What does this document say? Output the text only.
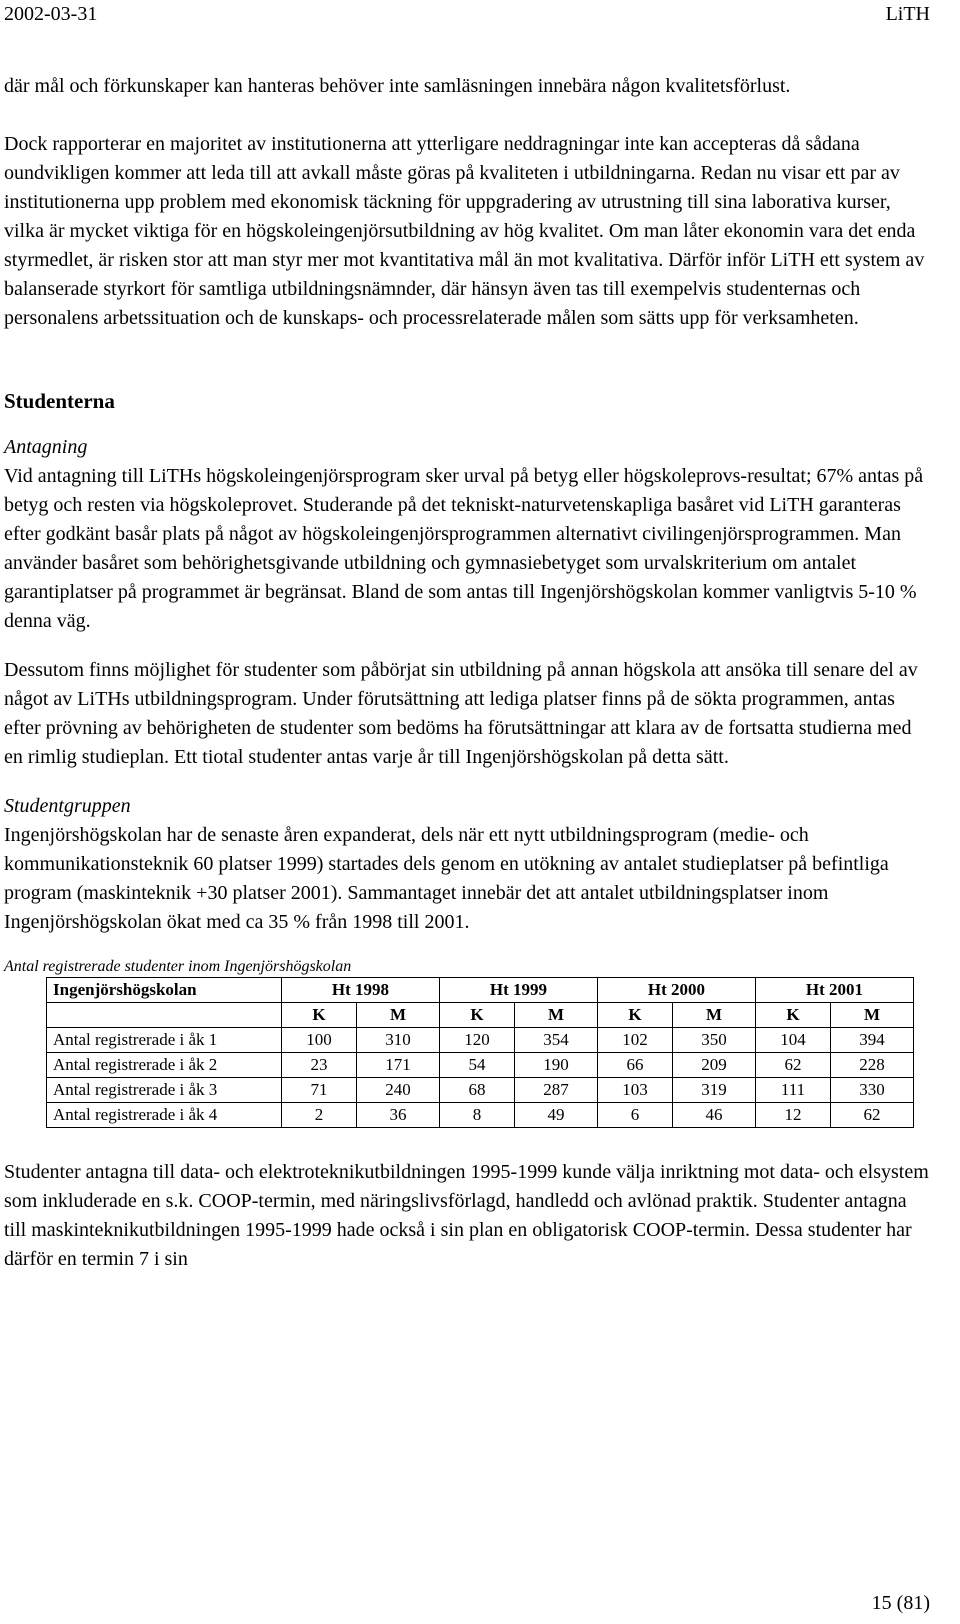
2002-03-31	LiTH

där mål och förkunskaper kan hanteras behöver inte samläsningen innebära någon kvalitetsförlust.

Dock rapporterar en majoritet av institutionerna att ytterligare neddragningar inte kan accepteras då sådana oundvikligen kommer att leda till att avkall måste göras på kvaliteten i utbildningarna. Redan nu visar ett par av institutionerna upp problem med ekonomisk täckning för uppgradering av utrustning till sina laborativa kurser, vilka är mycket viktiga för en högskoleingenjörsutbildning av hög kvalitet. Om man låter ekonomin vara det enda styrmedlet, är risken stor att man styr mer mot kvantitativa mål än mot kvalitativa. Därför inför LiTH ett system av balanserade styrkort för samtliga utbildningsnämnder, där hänsyn även tas till exempelvis studenternas och personalens arbetssituation och de kunskaps- och processrelaterade målen som sätts upp för verksamheten.

Studenterna

Antagning

Vid antagning till LiTHs högskoleingenjörsprogram sker urval på betyg eller högskoleprovs-resultat; 67% antas på betyg och resten via högskoleprovet. Studerande på det tekniskt-naturvetenskapliga basåret vid LiTH garanteras efter godkänt basår plats på något av högskoleingenjörsprogrammen alternativt civilingenjörsprogrammen. Man använder basåret som behörighetsgivande utbildning och gymnasiebetyget som urvalskriterium om antalet garantiplatser på programmet är begränsat. Bland de som antas till Ingenjörshögskolan kommer vanligtvis 5-10 % denna väg.

Dessutom finns möjlighet för studenter som påbörjat sin utbildning på annan högskola att ansöka till senare del av något av LiTHs utbildningsprogram. Under förutsättning att lediga platser finns på de sökta programmen, antas efter prövning av behörigheten de studenter som bedöms ha förutsättningar att klara av de fortsatta studierna med en rimlig studieplan. Ett tiotal studenter antas varje år till Ingenjörshögskolan på detta sätt.

Studentgruppen

Ingenjörshögskolan har de senaste åren expanderat, dels när ett nytt utbildningsprogram (medie- och kommunikationsteknik 60 platser 1999) startades dels genom en utökning av antalet studieplatser på befintliga program (maskinteknik +30 platser 2001). Sammantaget innebär det att antalet utbildningsplatser inom Ingenjörshögskolan ökat med ca 35 % från 1998 till 2001.

Antal registrerade studenter inom Ingenjörshögskolan

Ingenjörshögskolan	Ht 1998		Ht 1999		Ht 2000		Ht 2001	
	K	M	K	M	K	M	K	M
Antal registrerade i åk 1	100	310	120	354	102	350	104	394
Antal registrerade i åk 2	23	171	54	190	66	209	62	228
Antal registrerade i åk 3	71	240	68	287	103	319	111	330
Antal registrerade i åk 4	2	36	8	49	6	46	12	62

Studenter antagna till data- och elektroteknikutbildningen 1995-1999 kunde välja inriktning mot data- och elsystem som inkluderade en s.k. COOP-termin, med näringslivsförlagd, handledd och avlönad praktik. Studenter antagna till maskinteknikutbildningen 1995-1999 hade också i sin plan en obligatorisk COOP-termin. Dessa studenter har därför en termin 7 i sin

15 (81)
